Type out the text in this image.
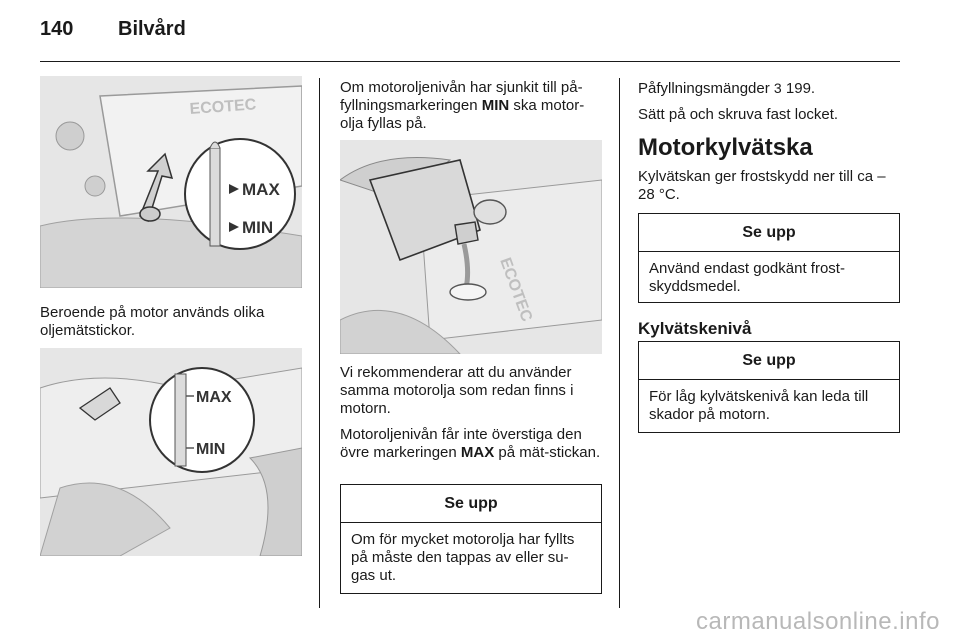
140 Bilvård
MAX
MIN
ECOTEC

Beroende på motor används olika oljemätstickor.

MAX
MIN

Om motoroljenivån har sjunkit till på-fyllningsmarkeringen MIN ska motor-olja fyllas på.

ECOTEC

Vi rekommenderar att du använder samma motorolja som redan finns i motorn.

Motoroljenivån får inte överstiga den övre markeringen MAX på mät-stickan.

Se upp
Om för mycket motorolja har fyllts på måste den tappas av eller su-gas ut.

Påfyllningsmängder 3 199.

Sätt på och skruva fast locket.

Motorkylvätska

Kylvätskan ger frostskydd ner till ca –28 °C.

Se upp
Använd endast godkänt frost-skyddsmedel.
Kylvätskenivå
Se upp
För låg kylvätskenivå kan leda till skador på motorn.
carmanualsonline.info
